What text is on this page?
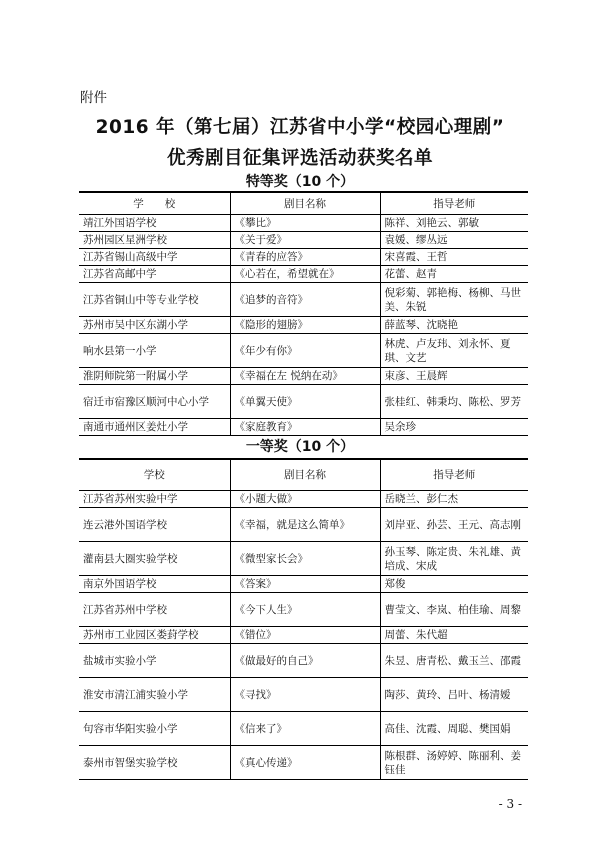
附件
2016 年（第七届）江苏省中小学“校园心理剧”
优秀剧目征集评选活动获奖名单
特等奖（10 个）
学　　校	剧目名称	指导老师
靖江外国语学校	《攀比》	陈祥、刘艳云、郭敏
苏州园区星洲学校	《关于爱》	袁媛、缪丛远
江苏省锡山高级中学	《青春的应答》	宋喜霞、王哲
江苏省高邮中学	《心若在，希望就在》	花蕾、赵青
江苏省铜山中等专业学校	《追梦的音符》	倪彩菊、郭艳梅、杨柳、马世美、朱锐
苏州市吴中区东湖小学	《隐形的翅膀》	薛蓝琴、沈晓艳
响水县第一小学	《年少有你》	林虎、卢友玮、刘永怀、夏琪、文艺
淮阴师院第一附属小学	《幸福在左 悦纳在动》	束彦、王晨辉
宿迁市宿豫区顺河中心小学	《单翼天使》	张桂红、韩秉均、陈松、罗芳
南通市通州区姜灶小学	《家庭教育》	吴余珍
一等奖（10 个）
学校	剧目名称	指导老师
江苏省苏州实验中学	《小题大做》	岳晓兰、彭仁杰
连云港外国语学校	《幸福，就是这么简单》	刘岸亚、孙芸、王元、高志刚
灌南县大圈实验学校	《微型家长会》	孙玉琴、陈定贵、朱礼雄、黄培成、宋成
南京外国语学校	《答案》	郑俊
江苏省苏州中学校	《今下人生》	曹莹文、李岚、柏佳瑜、周黎
苏州市工业园区娄葑学校	《错位》	周蕾、朱代超
盐城市实验小学	《做最好的自己》	朱昱、唐青松、戴玉兰、邵霞
淮安市清江浦实验小学	《寻找》	陶莎、黄玲、吕叶、杨清嫒
句容市华阳实验小学	《信来了》	高佳、沈霞、周聪、樊国娟
泰州市智堡实验学校	《真心传递》	陈根群、汤婷婷、陈丽利、姜钰佳
- 3 -
